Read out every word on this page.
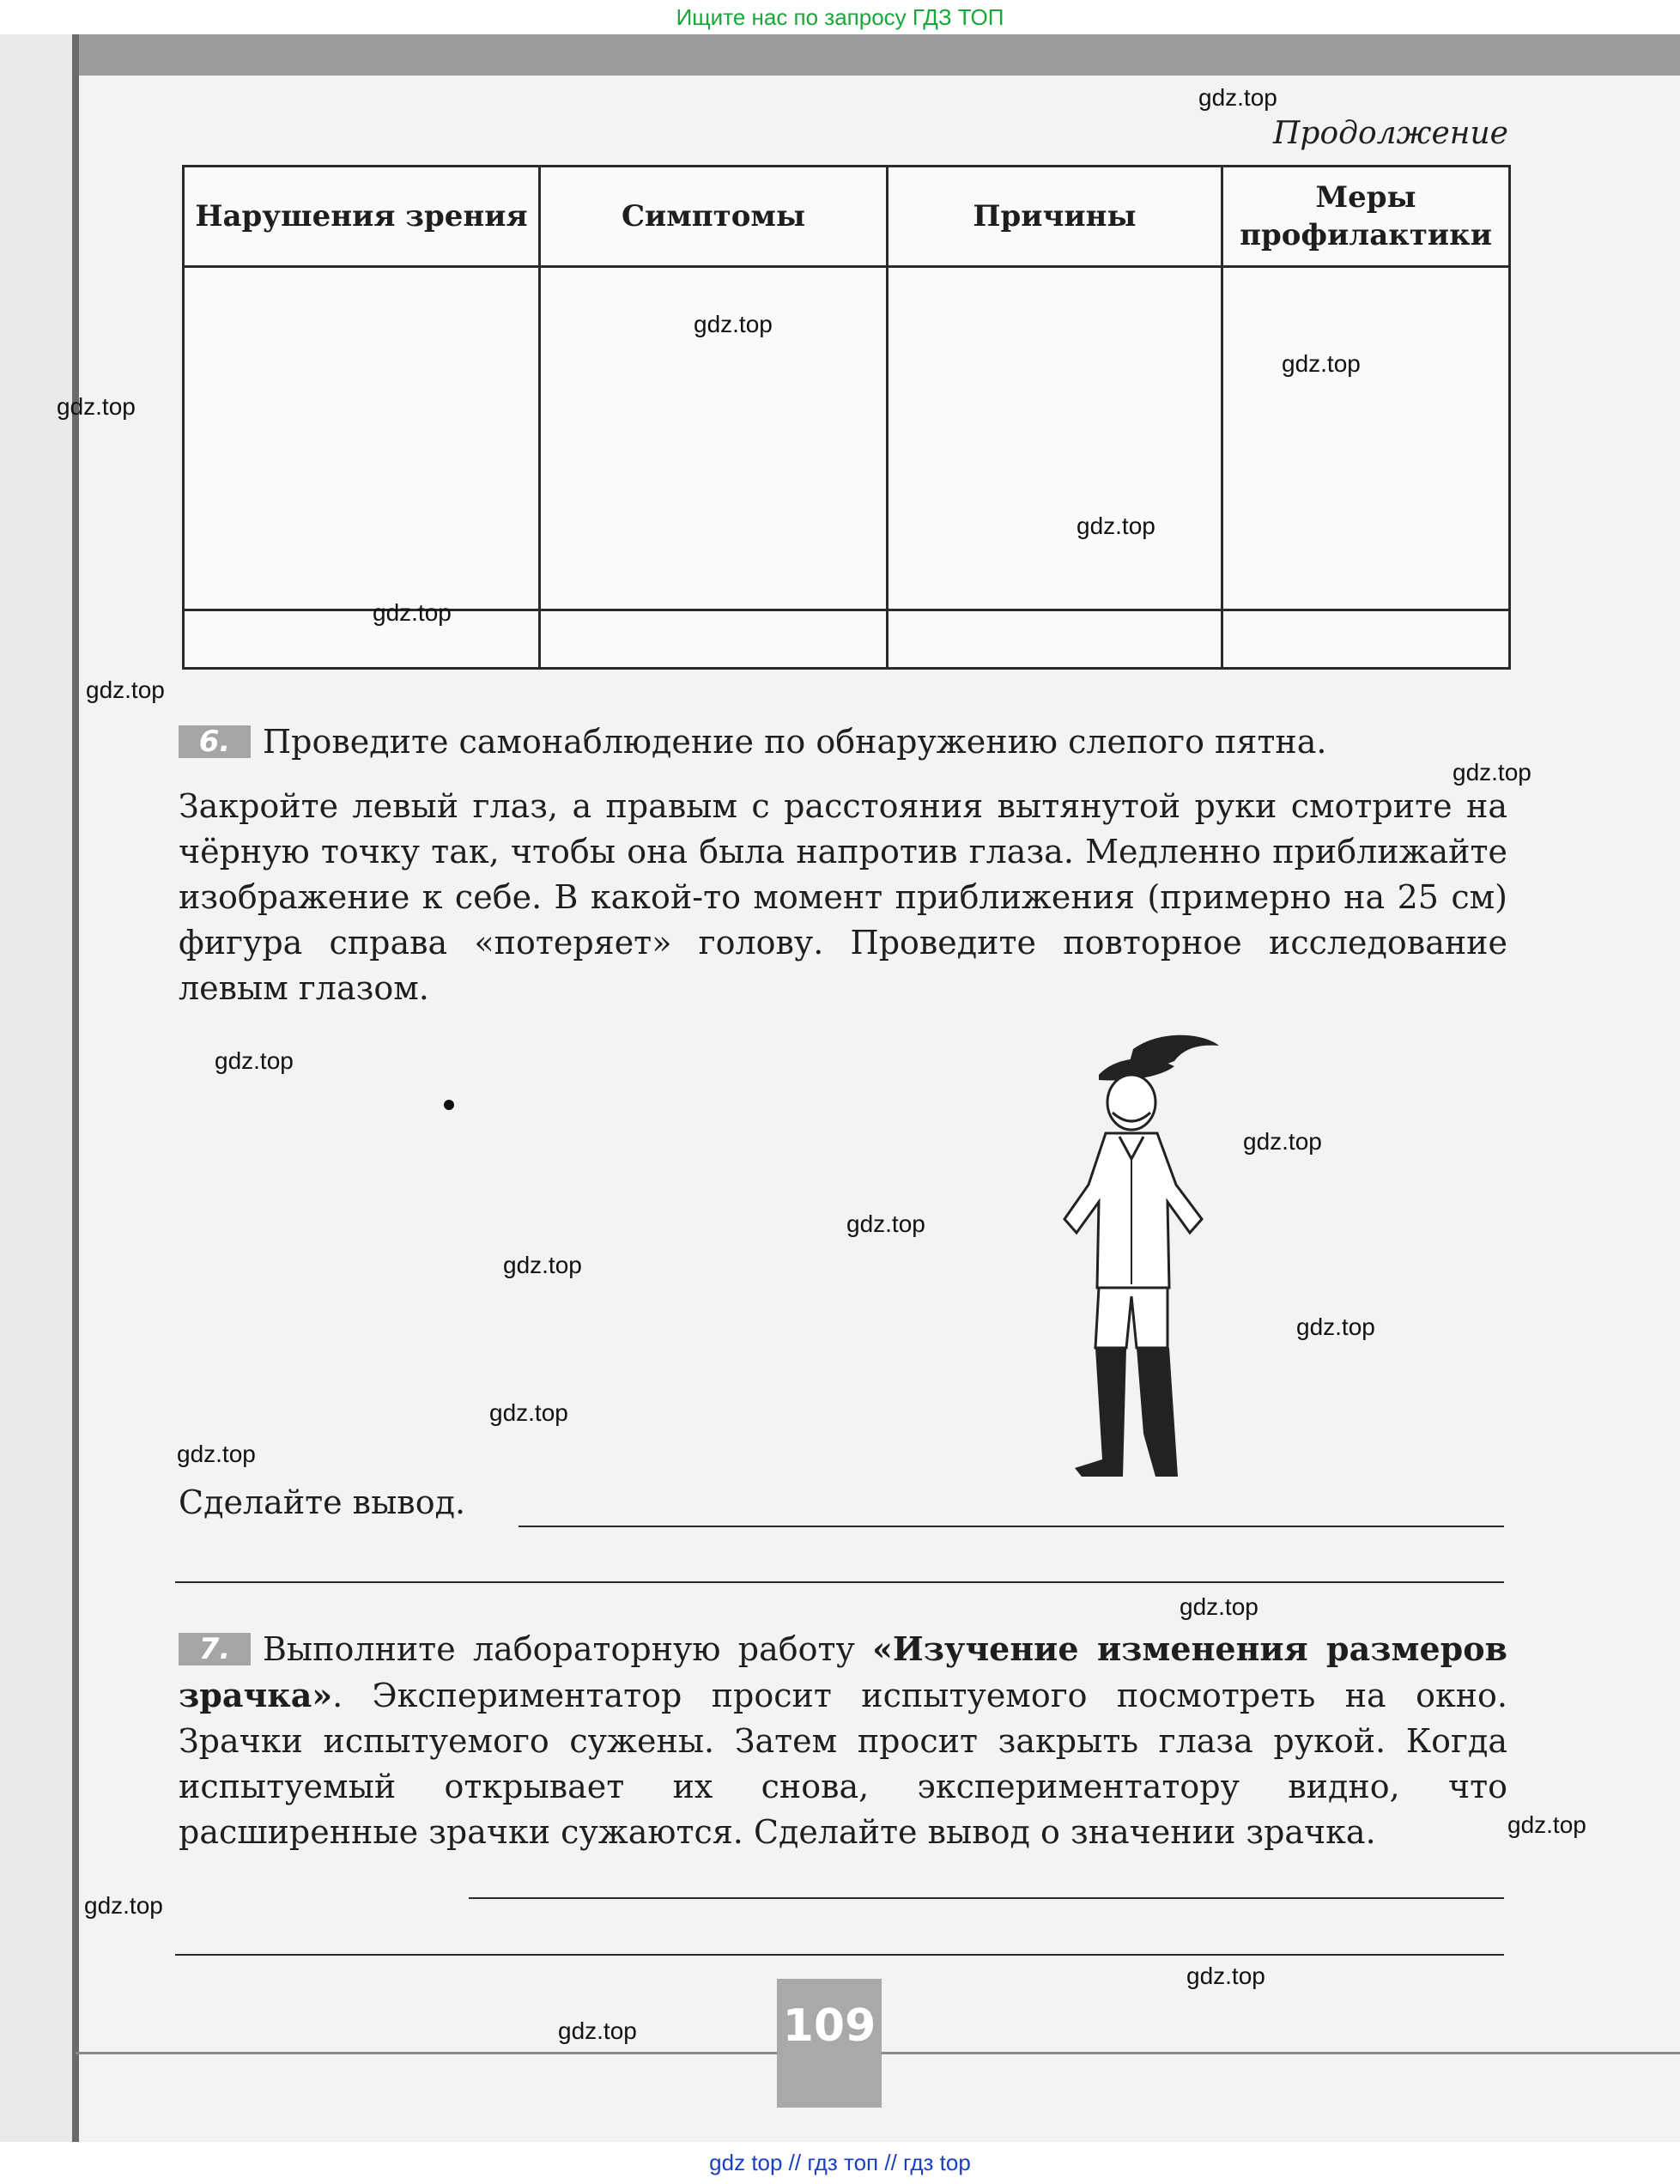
Ищите нас по запросу ГДЗ ТОП
Продолжение
Нарушения зрения	Симптомы	Причины	Меры профилактики

6. Проведите самонаблюдение по обнаружению слепого пятна.
Закройте левый глаз, а правым с расстояния вытянутой руки смотрите на чёрную точку так, чтобы она была напротив глаза. Медленно приближайте изображение к себе. В какой-то момент приближения (примерно на 25 см) фигура справа «потеряет» голову. Проведите повторное исследование левым глазом.
Сделайте вывод.
7. Выполните лабораторную работу «Изучение изменения размеров зрачка». Экспериментатор просит испытуемого посмотреть на окно. Зрачки испытуемого сужены. Затем просит закрыть глаза рукой. Когда испытуемый открывает их снова, экспериментатору видно, что расширенные зрачки сужаются. Сделайте вывод о значении зрачка.
109
gdz.top
gdz.top
gdz.top
gdz.top
gdz.top
gdz.top
gdz.top
gdz.top
gdz.top
gdz.top
gdz.top
gdz.top
gdz.top
gdz.top
gdz.top
gdz.top
gdz.top
gdz.top
gdz.top
gdz.top
gdz top // гдз топ // гдз top
